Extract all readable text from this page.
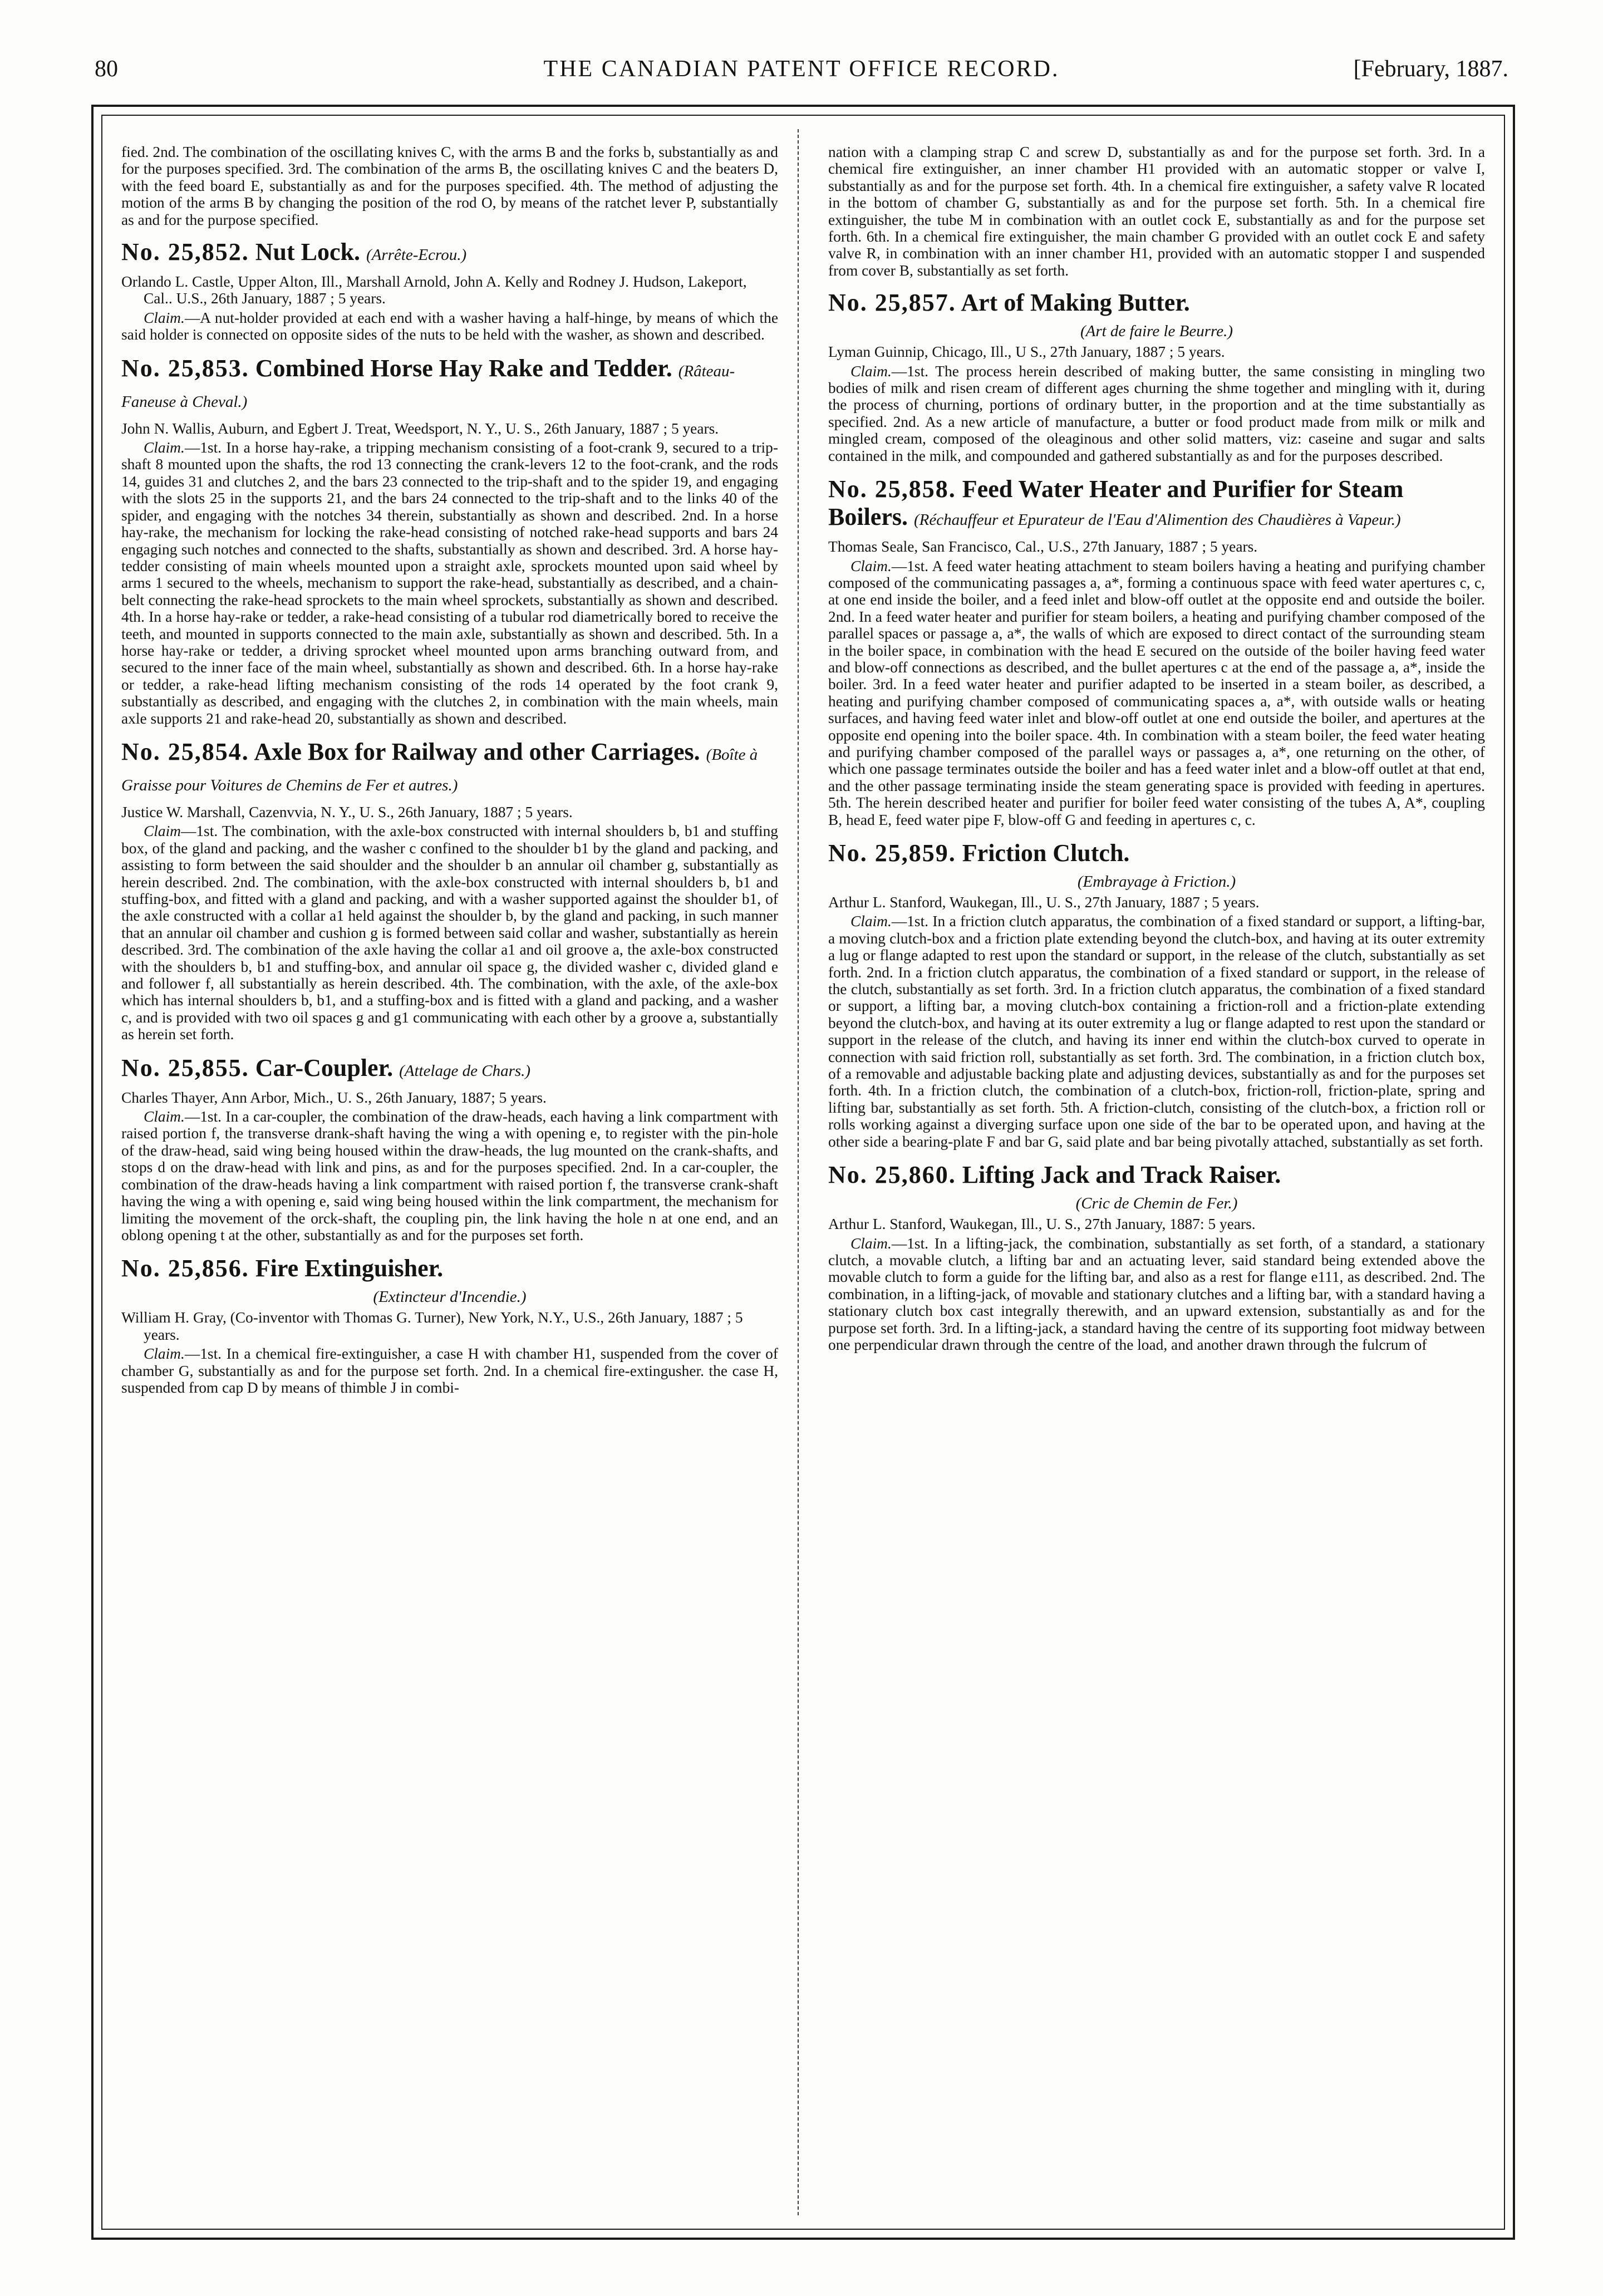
80	THE CANADIAN PATENT OFFICE RECORD.	[February, 1887.

fied. 2nd. The combination of the oscillating knives C, with the arms B and the forks b, substantially as and for the purposes specified. 3rd. The combination of the arms B, the oscillating knives C and the beaters D, with the feed board E, substantially as and for the purposes specified. 4th. The method of adjusting the motion of the arms B by changing the position of the rod O, by means of the ratchet lever P, substantially as and for the purpose specified.

No. 25,852. Nut Lock. (Arrête-Ecrou.)

Orlando L. Castle, Upper Alton, Ill., Marshall Arnold, John A. Kelly and Rodney J. Hudson, Lakeport, Cal.. U.S., 26th January, 1887 ; 5 years.

Claim.—A nut-holder provided at each end with a washer having a half-hinge, by means of which the said holder is connected on opposite sides of the nuts to be held with the washer, as shown and described.

No. 25,853. Combined Horse Hay Rake and Tedder. (Râteau-Faneuse à Cheval.)

John N. Wallis, Auburn, and Egbert J. Treat, Weedsport, N. Y., U. S., 26th January, 1887 ; 5 years.

Claim.—1st. In a horse hay-rake, a tripping mechanism consisting of a foot-crank 9, secured to a trip-shaft 8 mounted upon the shafts, the rod 13 connecting the crank-levers 12 to the foot-crank, and the rods 14, guides 31 and clutches 2, and the bars 23 connected to the trip-shaft and to the spider 19, and engaging with the slots 25 in the supports 21, and the bars 24 connected to the trip-shaft and to the links 40 of the spider, and engaging with the notches 34 therein, substantially as shown and described. 2nd. In a horse hay-rake, the mechanism for locking the rake-head consisting of notched rake-head supports and bars 24 engaging such notches and connected to the shafts, substantially as shown and described. 3rd. A horse hay-tedder consisting of main wheels mounted upon a straight axle, sprockets mounted upon said wheel by arms 1 secured to the wheels, mechanism to support the rake-head, substantially as described, and a chain-belt connecting the rake-head sprockets to the main wheel sprockets, substantially as shown and described. 4th. In a horse hay-rake or tedder, a rake-head consisting of a tubular rod diametrically bored to receive the teeth, and mounted in supports connected to the main axle, substantially as shown and described. 5th. In a horse hay-rake or tedder, a driving sprocket wheel mounted upon arms branching outward from, and secured to the inner face of the main wheel, substantially as shown and described. 6th. In a horse hay-rake or tedder, a rake-head lifting mechanism consisting of the rods 14 operated by the foot crank 9, substantially as described, and engaging with the clutches 2, in combination with the main wheels, main axle supports 21 and rake-head 20, substantially as shown and described.

No. 25,854. Axle Box for Railway and other Carriages. (Boîte à Graisse pour Voitures de Chemins de Fer et autres.)

Justice W. Marshall, Cazenvvia, N. Y., U. S., 26th January, 1887 ; 5 years.

Claim—1st. The combination, with the axle-box constructed with internal shoulders b, b1 and stuffing box, of the gland and packing, and the washer c confined to the shoulder b1 by the gland and packing, and assisting to form between the said shoulder and the shoulder b an annular oil chamber g, substantially as herein described. 2nd. The combination, with the axle-box constructed with internal shoulders b, b1 and stuffing-box, and fitted with a gland and packing, and with a washer supported against the shoulder b1, of the axle constructed with a collar a1 held against the shoulder b, by the gland and packing, in such manner that an annular oil chamber and cushion g is formed between said collar and washer, substantially as herein described. 3rd. The combination of the axle having the collar a1 and oil groove a, the axle-box constructed with the shoulders b, b1 and stuffing-box, and annular oil space g, the divided washer c, divided gland e and follower f, all substantially as herein described. 4th. The combination, with the axle, of the axle-box which has internal shoulders b, b1, and a stuffing-box and is fitted with a gland and packing, and a washer c, and is provided with two oil spaces g and g1 communicating with each other by a groove a, substantially as herein set forth.

No. 25,855. Car-Coupler. (Attelage de Chars.)

Charles Thayer, Ann Arbor, Mich., U. S., 26th January, 1887; 5 years.

Claim.—1st. In a car-coupler, the combination of the draw-heads, each having a link compartment with raised portion f, the transverse drank-shaft having the wing a with opening e, to register with the pin-hole of the draw-head, said wing being housed within the draw-heads, the lug mounted on the crank-shafts, and stops d on the draw-head with link and pins, as and for the purposes specified. 2nd. In a car-coupler, the combination of the draw-heads having a link compartment with raised portion f, the transverse crank-shaft having the wing a with opening e, said wing being housed within the link compartment, the mechanism for limiting the movement of the orck-shaft, the coupling pin, the link having the hole n at one end, and an oblong opening t at the other, substantially as and for the purposes set forth.

No. 25,856. Fire Extinguisher.

(Extincteur d'Incendie.)

William H. Gray, (Co-inventor with Thomas G. Turner), New York, N.Y., U.S., 26th January, 1887 ; 5 years.

Claim.—1st. In a chemical fire-extinguisher, a case H with chamber H1, suspended from the cover of chamber G, substantially as and for the purpose set forth. 2nd. In a chemical fire-extingusher. the case H, suspended from cap D by means of thimble J in combi-

nation with a clamping strap C and screw D, substantially as and for the purpose set forth. 3rd. In a chemical fire extinguisher, an inner chamber H1 provided with an automatic stopper or valve I, substantially as and for the purpose set forth. 4th. In a chemical fire extinguisher, a safety valve R located in the bottom of chamber G, substantially as and for the purpose set forth. 5th. In a chemical fire extinguisher, the tube M in combination with an outlet cock E, substantially as and for the purpose set forth. 6th. In a chemical fire extinguisher, the main chamber G provided with an outlet cock E and safety valve R, in combination with an inner chamber H1, provided with an automatic stopper I and suspended from cover B, substantially as set forth.

No. 25,857. Art of Making Butter.

(Art de faire le Beurre.)

Lyman Guinnip, Chicago, Ill., U S., 27th January, 1887 ; 5 years.

Claim.—1st. The process herein described of making butter, the same consisting in mingling two bodies of milk and risen cream of different ages churning the shme together and mingling with it, during the process of churning, portions of ordinary butter, in the proportion and at the time substantially as specified. 2nd. As a new article of manufacture, a butter or food product made from milk or milk and mingled cream, composed of the oleaginous and other solid matters, viz: caseine and sugar and salts contained in the milk, and compounded and gathered substantially as and for the purposes described.

No. 25,858. Feed Water Heater and Purifier for Steam Boilers. (Réchauffeur et Epurateur de l'Eau d'Alimention des Chaudières à Vapeur.)

Thomas Seale, San Francisco, Cal., U.S., 27th January, 1887 ; 5 years.

Claim.—1st. A feed water heating attachment to steam boilers having a heating and purifying chamber composed of the communicating passages a, a*, forming a continuous space with feed water apertures c, c, at one end inside the boiler, and a feed inlet and blow-off outlet at the opposite end and outside the boiler. 2nd. In a feed water heater and purifier for steam boilers, a heating and purifying chamber composed of the parallel spaces or passage a, a*, the walls of which are exposed to direct contact of the surrounding steam in the boiler space, in combination with the head E secured on the outside of the boiler having feed water and blow-off connections as described, and the bullet apertures c at the end of the passage a, a*, inside the boiler. 3rd. In a feed water heater and purifier adapted to be inserted in a steam boiler, as described, a heating and purifying chamber composed of communicating spaces a, a*, with outside walls or heating surfaces, and having feed water inlet and blow-off outlet at one end outside the boiler, and apertures at the opposite end opening into the boiler space. 4th. In combination with a steam boiler, the feed water heating and purifying chamber composed of the parallel ways or passages a, a*, one returning on the other, of which one passage terminates outside the boiler and has a feed water inlet and a blow-off outlet at that end, and the other passage terminating inside the steam generating space is provided with feeding in apertures. 5th. The herein described heater and purifier for boiler feed water consisting of the tubes A, A*, coupling B, head E, feed water pipe F, blow-off G and feeding in apertures c, c.

No. 25,859. Friction Clutch.

(Embrayage à Friction.)

Arthur L. Stanford, Waukegan, Ill., U. S., 27th January, 1887 ; 5 years.

Claim.—1st. In a friction clutch apparatus, the combination of a fixed standard or support, a lifting-bar, a moving clutch-box and a friction plate extending beyond the clutch-box, and having at its outer extremity a lug or flange adapted to rest upon the standard or support, in the release of the clutch, substantially as set forth. 2nd. In a friction clutch apparatus, the combination of a fixed standard or support, in the release of the clutch, substantially as set forth. 3rd. In a friction clutch apparatus, the combination of a fixed standard or support, a lifting bar, a moving clutch-box containing a friction-roll and a friction-plate extending beyond the clutch-box, and having at its outer extremity a lug or flange adapted to rest upon the standard or support in the release of the clutch, and having its inner end within the clutch-box curved to operate in connection with said friction roll, substantially as set forth. 3rd. The combination, in a friction clutch box, of a removable and adjustable backing plate and adjusting devices, substantially as and for the purposes set forth. 4th. In a friction clutch, the combination of a clutch-box, friction-roll, friction-plate, spring and lifting bar, substantially as set forth. 5th. A friction-clutch, consisting of the clutch-box, a friction roll or rolls working against a diverging surface upon one side of the bar to be operated upon, and having at the other side a bearing-plate F and bar G, said plate and bar being pivotally attached, substantially as set forth.

No. 25,860. Lifting Jack and Track Raiser.

(Cric de Chemin de Fer.)

Arthur L. Stanford, Waukegan, Ill., U. S., 27th January, 1887: 5 years.

Claim.—1st. In a lifting-jack, the combination, substantially as set forth, of a standard, a stationary clutch, a movable clutch, a lifting bar and an actuating lever, said standard being extended above the movable clutch to form a guide for the lifting bar, and also as a rest for flange e111, as described. 2nd. The combination, in a lifting-jack, of movable and stationary clutches and a lifting bar, with a standard having a stationary clutch box cast integrally therewith, and an upward extension, substantially as and for the purpose set forth. 3rd. In a lifting-jack, a standard having the centre of its supporting foot midway between one perpendicular drawn through the centre of the load, and another drawn through the fulcrum of
